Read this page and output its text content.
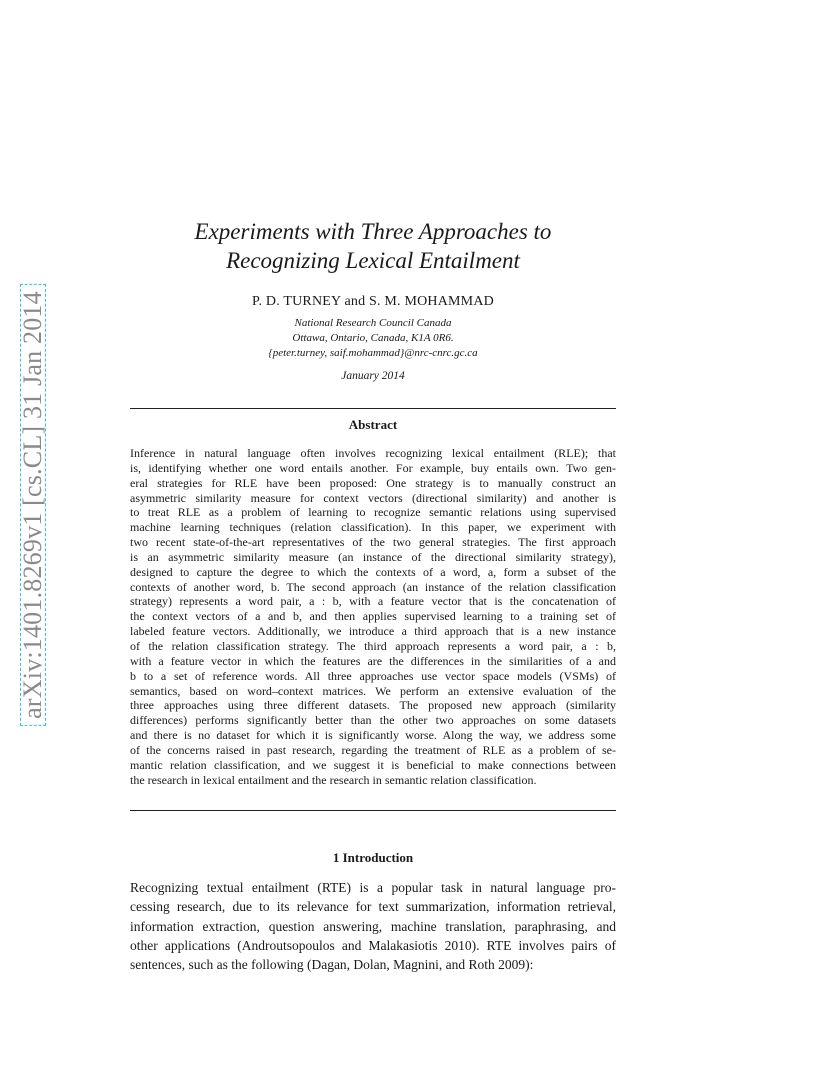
arXiv:1401.8269v1 [cs.CL] 31 Jan 2014
Experiments with Three Approaches to
Recognizing Lexical Entailment
P. D. TURNEY and S. M. MOHAMMAD
National Research Council Canada
Ottawa, Ontario, Canada, K1A 0R6.
{peter.turney, saif.mohammad}@nrc-cnrc.gc.ca
January 2014
Abstract
Inference in natural language often involves recognizing lexical entailment (RLE); that
is, identifying whether one word entails another. For example, buy entails own. Two gen-
eral strategies for RLE have been proposed: One strategy is to manually construct an
asymmetric similarity measure for context vectors (directional similarity) and another is
to treat RLE as a problem of learning to recognize semantic relations using supervised
machine learning techniques (relation classification). In this paper, we experiment with
two recent state-of-the-art representatives of the two general strategies. The first approach
is an asymmetric similarity measure (an instance of the directional similarity strategy),
designed to capture the degree to which the contexts of a word, a, form a subset of the
contexts of another word, b. The second approach (an instance of the relation classification
strategy) represents a word pair, a : b, with a feature vector that is the concatenation of
the context vectors of a and b, and then applies supervised learning to a training set of
labeled feature vectors. Additionally, we introduce a third approach that is a new instance
of the relation classification strategy. The third approach represents a word pair, a : b,
with a feature vector in which the features are the differences in the similarities of a and
b to a set of reference words. All three approaches use vector space models (VSMs) of
semantics, based on word–context matrices. We perform an extensive evaluation of the
three approaches using three different datasets. The proposed new approach (similarity
differences) performs significantly better than the other two approaches on some datasets
and there is no dataset for which it is significantly worse. Along the way, we address some
of the concerns raised in past research, regarding the treatment of RLE as a problem of se-
mantic relation classification, and we suggest it is beneficial to make connections between
the research in lexical entailment and the research in semantic relation classification.
1 Introduction
Recognizing textual entailment (RTE) is a popular task in natural language pro-
cessing research, due to its relevance for text summarization, information retrieval,
information extraction, question answering, machine translation, paraphrasing, and
other applications (Androutsopoulos and Malakasiotis 2010). RTE involves pairs of
sentences, such as the following (Dagan, Dolan, Magnini, and Roth 2009):
